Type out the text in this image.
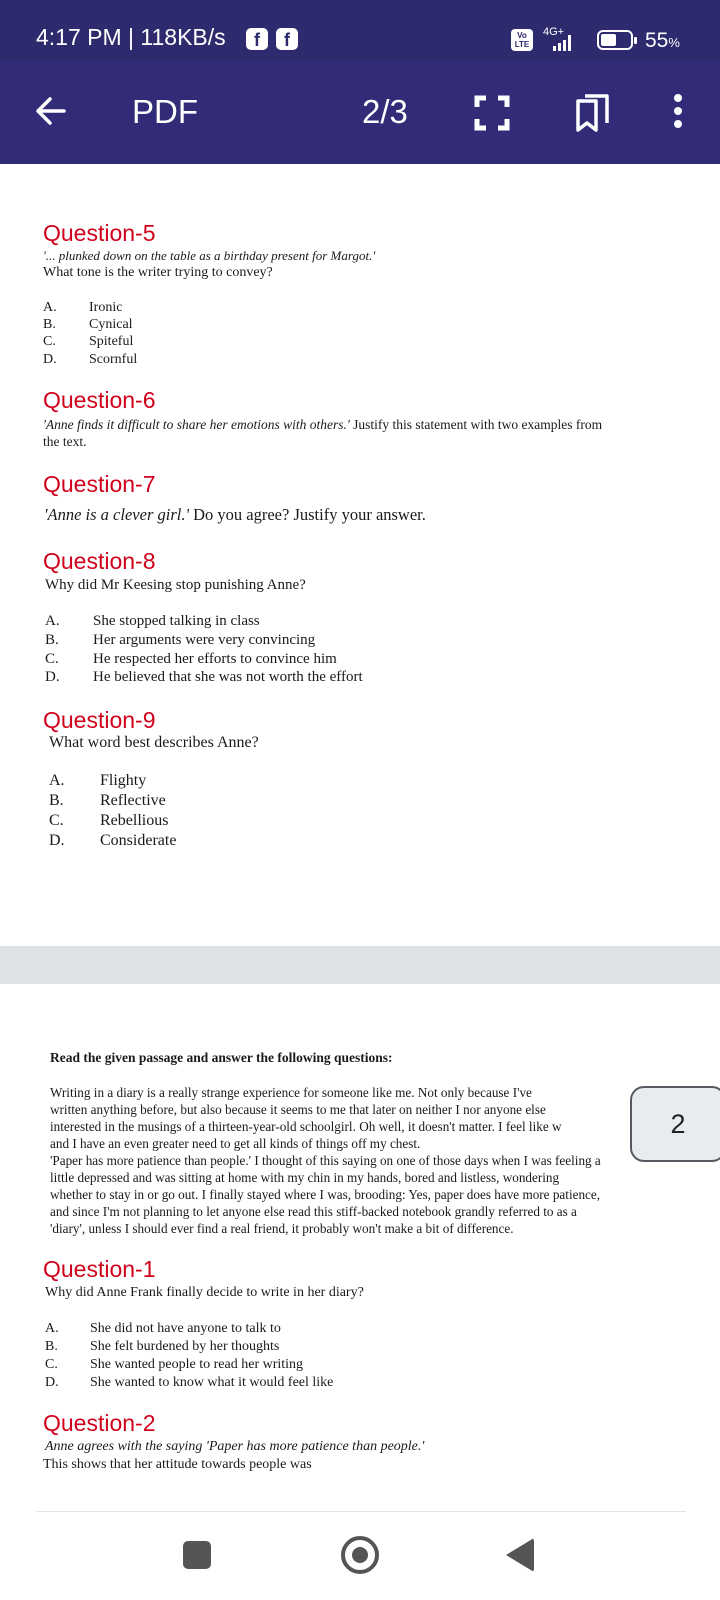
4:17 PM | 118KB/s	f	f	Vo LTE
4G+	55%
PDF	2/3
Question-5
'... plunked down on the table as a birthday present for Margot.'
What tone is the writer trying to convey?
A. Ironic
B. Cynical
C. Spiteful
D. Scornful
Question-6
'Anne finds it difficult to share her emotions with others.' Justify this statement with two examples from
the text.
Question-7
'Anne is a clever girl.' Do you agree? Justify your answer.
Question-8
Why did Mr Keesing stop punishing Anne?
A. She stopped talking in class
B. Her arguments were very convincing
C. He respected her efforts to convince him
D. He believed that she was not worth the effort
Question-9
What word best describes Anne?
A. Flighty
B. Reflective
C. Rebellious
D. Considerate
Read the given passage and answer the following questions:
Writing in a diary is a really strange experience for someone like me. Not only because I've
written anything before, but also because it seems to me that later on neither I nor anyone else
interested in the musings of a thirteen-year-old schoolgirl. Oh well, it doesn't matter. I feel like w
and I have an even greater need to get all kinds of things off my chest.
'Paper has more patience than people.' I thought of this saying on one of those days when I was feeling a
little depressed and was sitting at home with my chin in my hands, bored and listless, wondering
whether to stay in or go out. I finally stayed where I was, brooding: Yes, paper does have more patience,
and since I'm not planning to let anyone else read this stiff-backed notebook grandly referred to as a
'diary', unless I should ever find a real friend, it probably won't make a bit of difference.
Question-1
Why did Anne Frank finally decide to write in her diary?
A. She did not have anyone to talk to
B. She felt burdened by her thoughts
C. She wanted people to read her writing
D. She wanted to know what it would feel like
Question-2
Anne agrees with the saying 'Paper has more patience than people.'
This shows that her attitude towards people was
2
